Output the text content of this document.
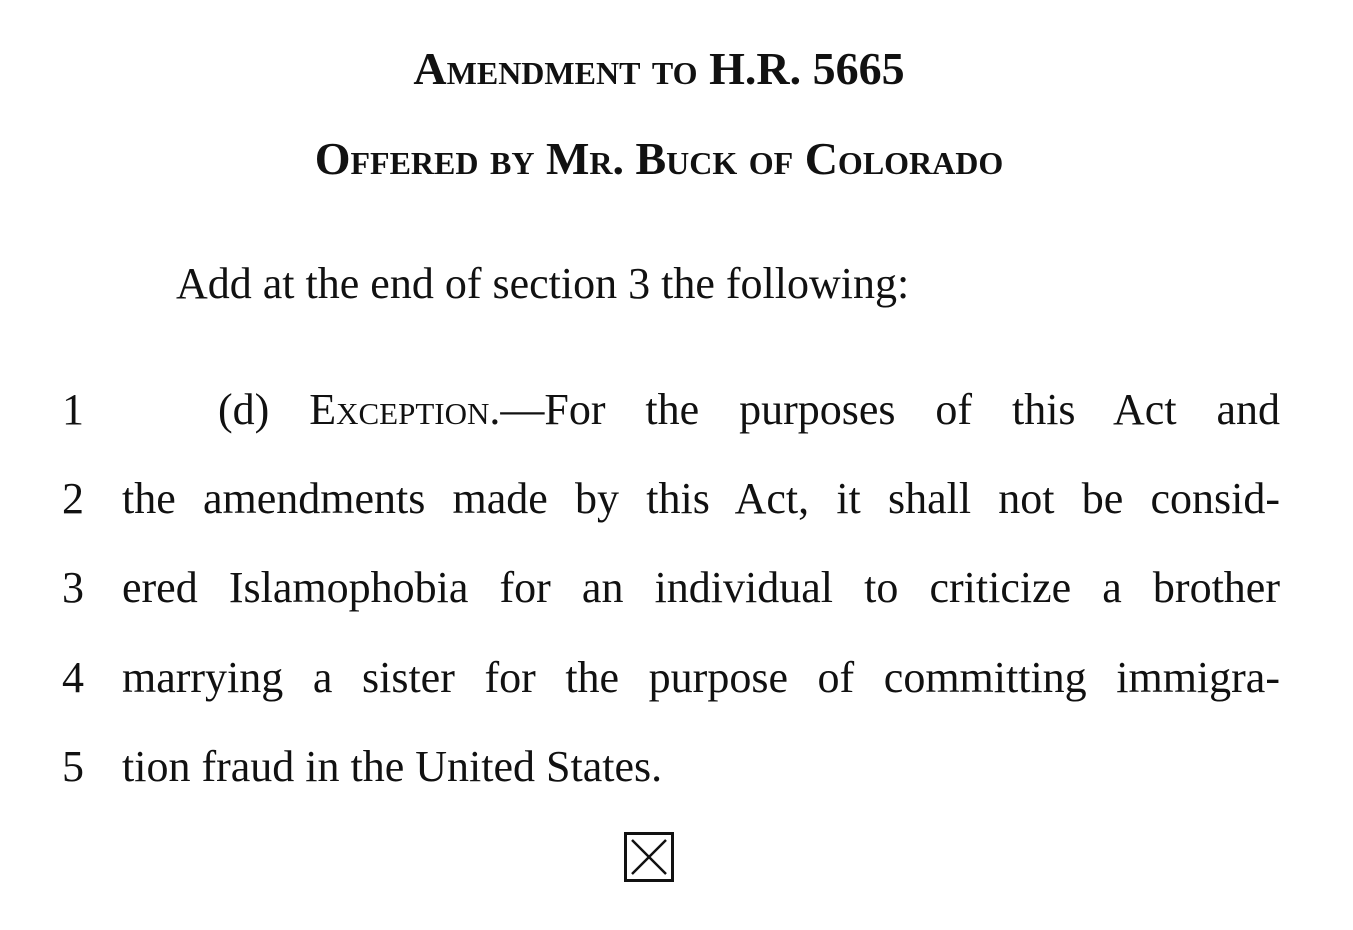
Amendment to H.R. 5665
Offered by Mr. Buck of Colorado
Add at the end of section 3 the following:
1	(d) Exception.—For the purposes of this Act and
2 the amendments made by this Act, it shall not be consid-
3 ered Islamophobia for an individual to criticize a brother
4 marrying a sister for the purpose of committing immigra-
5 tion fraud in the United States.
